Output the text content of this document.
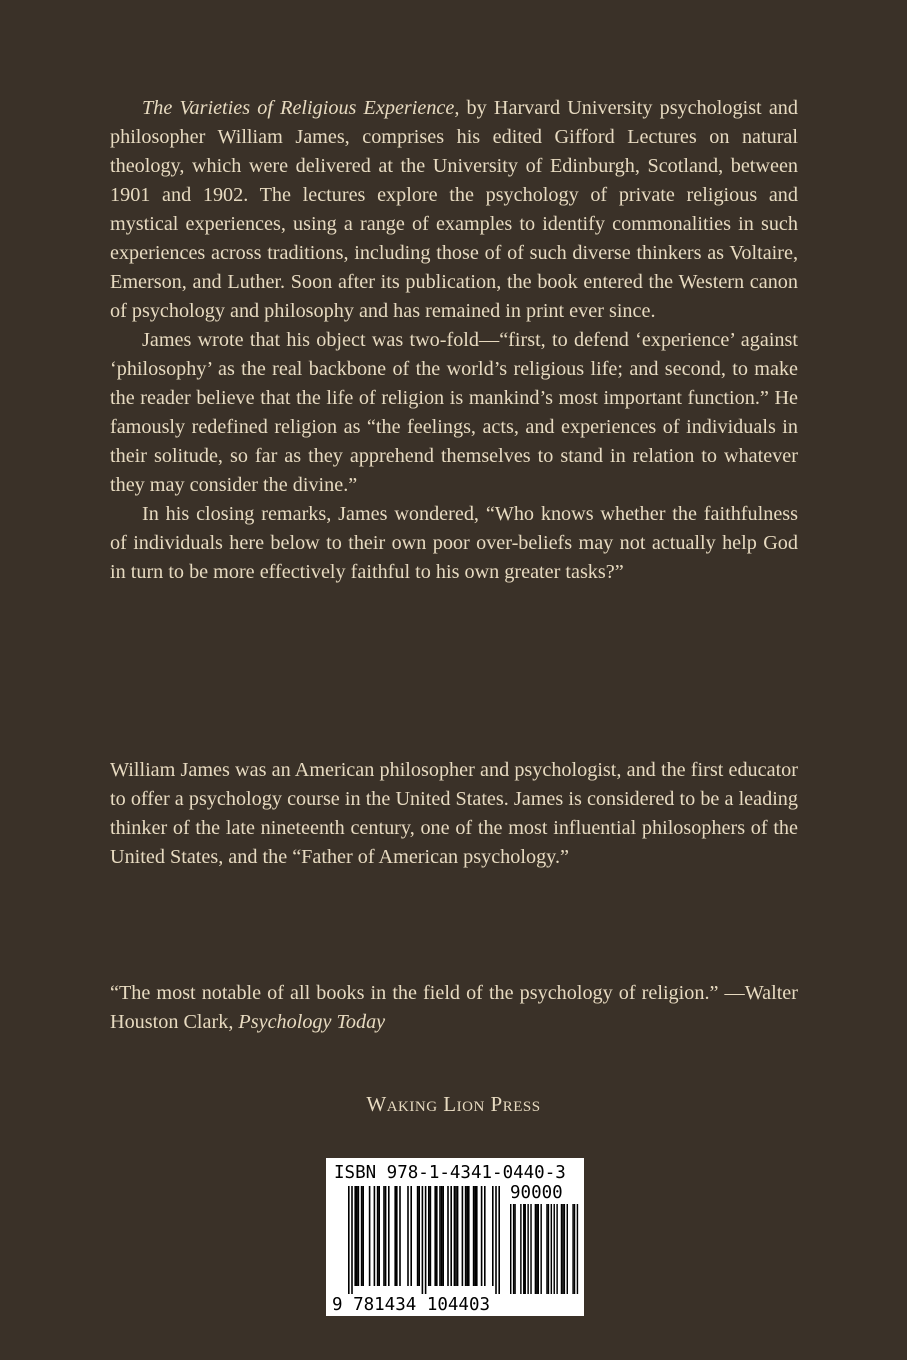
The Varieties of Religious Experience, by Harvard University psychologist and philosopher William James, comprises his edited Gifford Lectures on natural theology, which were delivered at the University of Edinburgh, Scotland, between 1901 and 1902. The lectures explore the psychology of private religious and mystical experiences, using a range of examples to identify commonalities in such experiences across traditions, including those of of such diverse thinkers as Voltaire, Emerson, and Luther. Soon after its publication, the book entered the Western canon of psychology and philosophy and has remained in print ever since.

James wrote that his object was two-fold—“first, to defend ‘experience’ against ‘philosophy’ as the real backbone of the world’s religious life; and second, to make the reader believe that the life of religion is mankind’s most important function.” He famously redefined religion as “the feelings, acts, and experiences of individuals in their solitude, so far as they apprehend themselves to stand in relation to whatever they may consider the divine.”

In his closing remarks, James wondered, “Who knows whether the faithfulness of individuals here below to their own poor over-beliefs may not actually help God in turn to be more effectively faithful to his own greater tasks?”

William James was an American philosopher and psychologist, and the first educator to offer a psychology course in the United States. James is considered to be a leading thinker of the late nineteenth century, one of the most influential philosophers of the United States, and the “Father of American psychology.”

“The most notable of all books in the field of the psychology of religion.” —Walter Houston Clark, Psychology Today

Waking Lion Press
ISBN 978-1-4341-0440-3
90000
9 781434 104403
